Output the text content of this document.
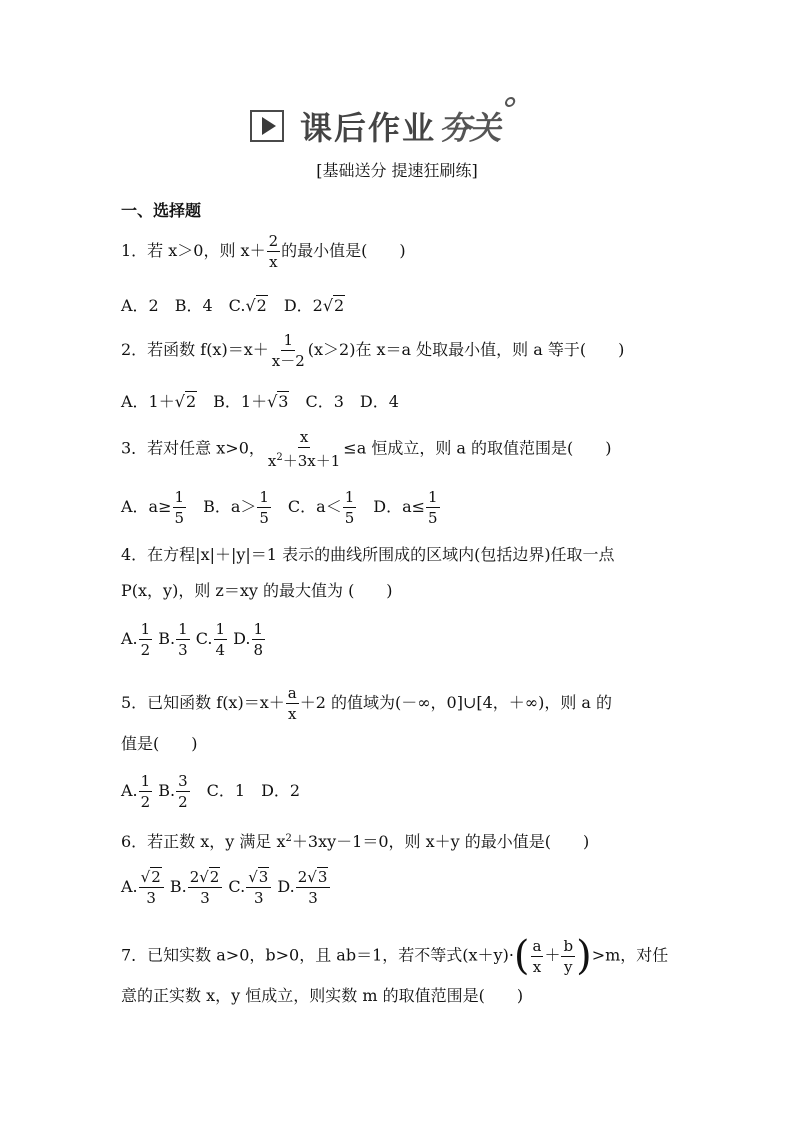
课后作业 夯关
[基础送分 提速狂刷练]
一、选择题
1．若 x＞0，则 $x+ \frac{2}{x}$ 的最小值是(　　)
A．2　B．4　C.√2　D．2√2
2．若函数 $f(x)=x+ \frac{1}{x-2} (x>2)$在 x＝a 处取最小值，则 a 等于(　　)
A．1＋√2　B．1＋√3　C．3　D．4
3．若对任意 x>0， $\frac{x}{x^2+3x+1} \le a$ 恒成立，则 a 的取值范围是(　　)
A．$a\ge \frac{1}{5}$ 　B．$a> \frac{1}{5}$ 　C．$a< \frac{1}{5}$ 　D．$a\le \frac{1}{5}$
4．在方程|x|＋|y|＝1 表示的曲线所围成的区域内(包括边界)任取一点
P(x，y)，则 z＝xy 的最大值为 (　　)
A. $\frac{1}{2} B$. $\frac{1}{3} C$. $\frac{1}{4} D$. $\frac{1}{8}$
5．已知函数 $f(x)=x+ \frac{a}{x} +2$ 的值域为(－∞，0]∪[4，＋∞)，则 a 的
值是(　　)
A. $\frac{1}{2} B$. $\frac{3}{2}$ 　C．1　D．2
6．若正数 x，y 满足 $x^2+3xy-1=0$，则 x＋y 的最小值是(　　)
A. $\frac{√2}{3} B$. $\frac{2√2}{3} C$. $\frac{√3}{3} D$. $\frac{2√3}{3}$
7．已知实数 a>0，b>0，且 ab＝1，若不等式$(x+y)\cdot( \frac{a}{x} + \frac{b}{y} )>m$，对任
意的正实数 x，y 恒成立，则实数 m 的取值范围是(　　)
